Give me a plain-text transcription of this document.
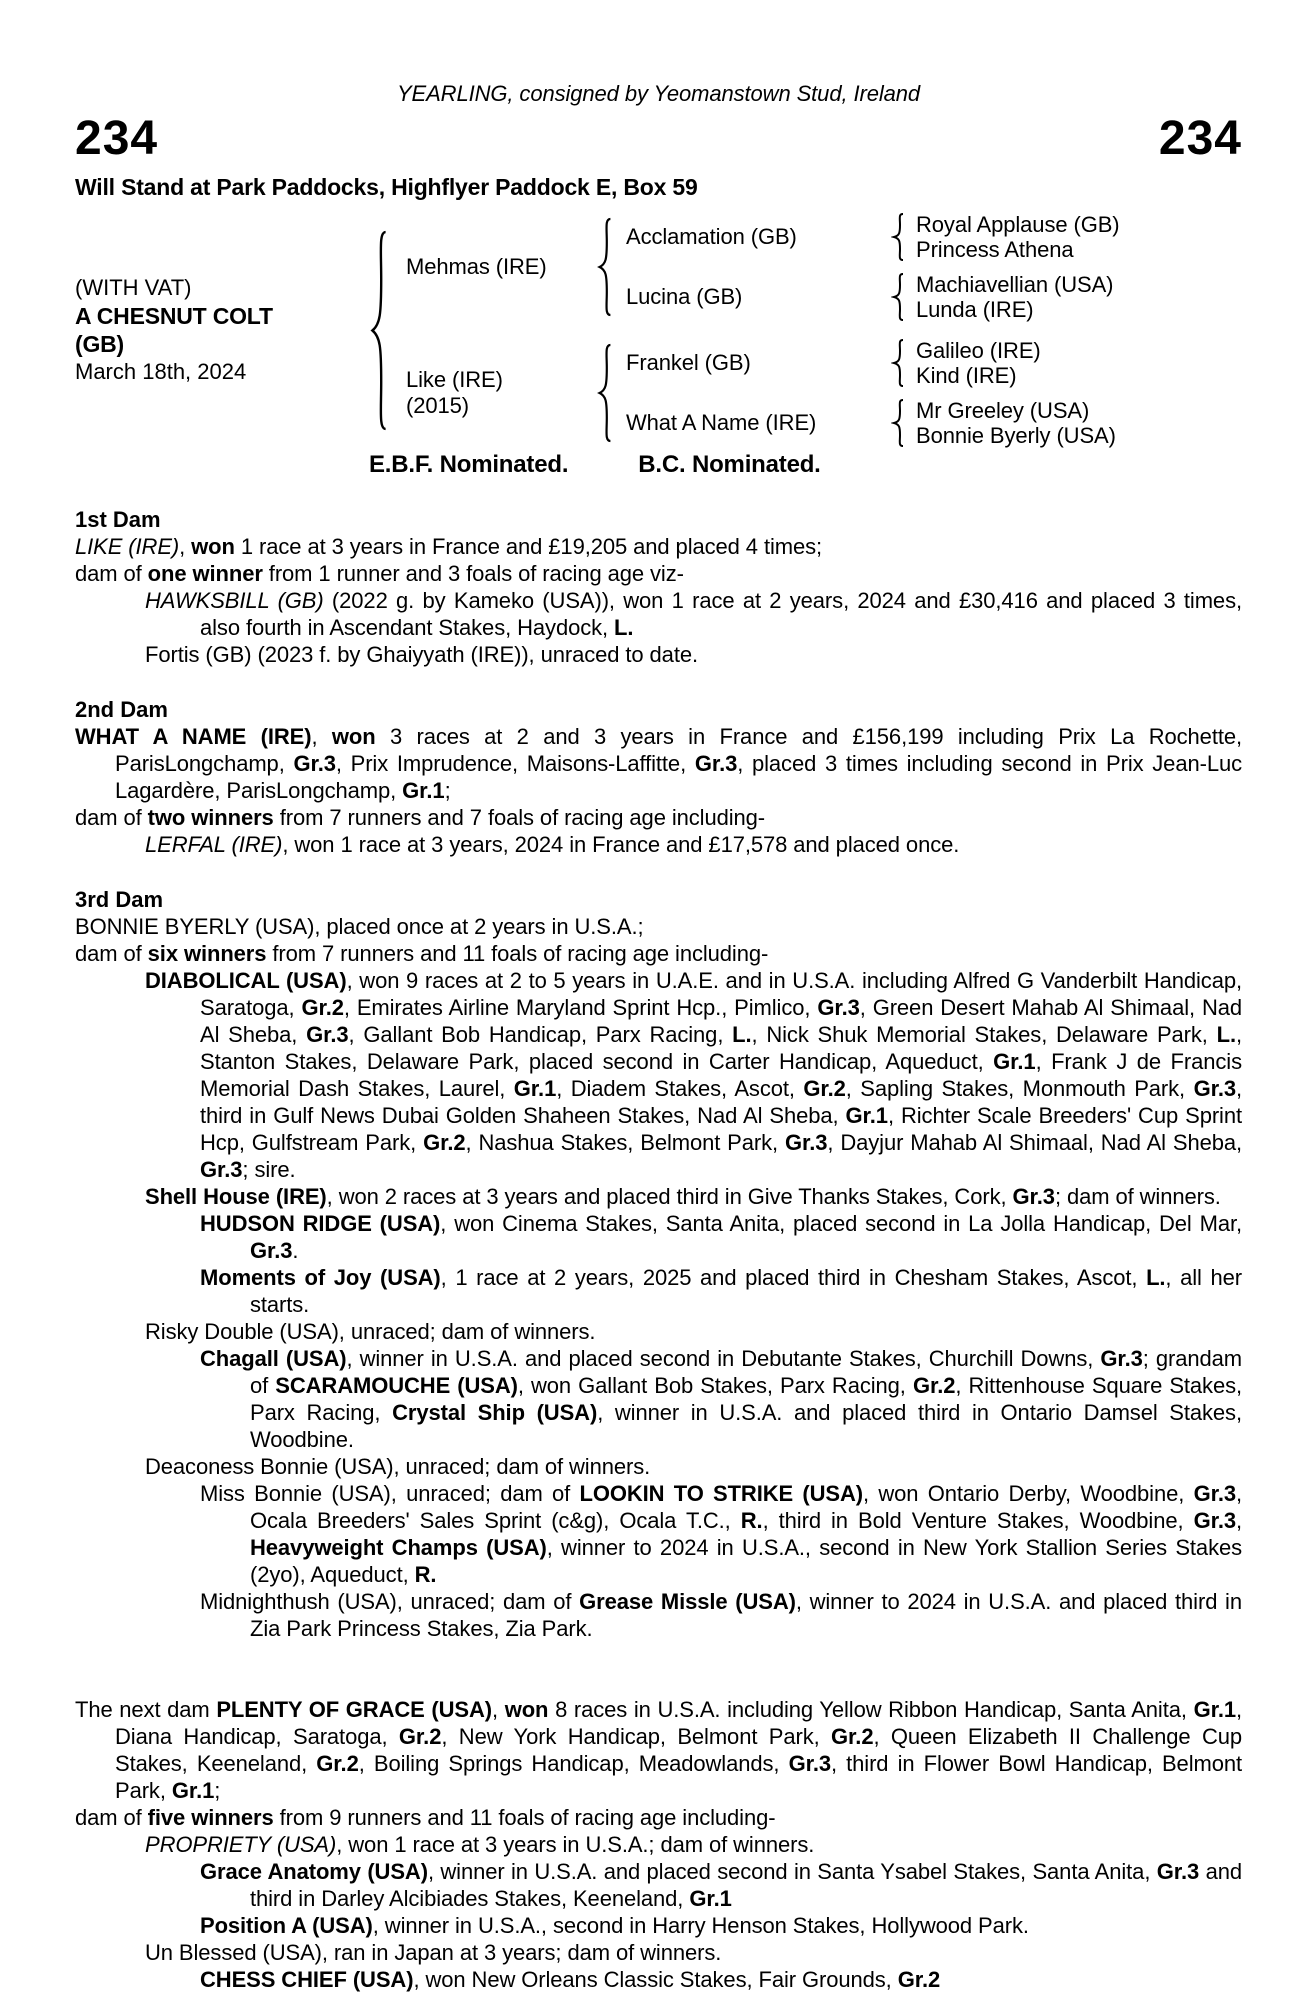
YEARLING, consigned by Yeomanstown Stud, Ireland
234	234
Will Stand at Park Paddocks, Highflyer Paddock E, Box 59
(WITH VAT)
A CHESNUT COLT
(GB)
March 18th, 2024
Mehmas (IRE)
Acclamation (GB)	Royal Applause (GB)
Princess Athena
Lucina (GB)	Machiavellian (USA)
Lunda (IRE)
Like (IRE)
(2015)
Frankel (GB)	Galileo (IRE)
Kind (IRE)
What A Name (IRE)	Mr Greeley (USA)
Bonnie Byerly (USA)
E.B.F. Nominated.	B.C. Nominated.
1st Dam

LIKE (IRE), won 1 race at 3 years in France and £19,205 and placed 4 times;

dam of one winner from 1 runner and 3 foals of racing age viz-

HAWKSBILL (GB) (2022 g. by Kameko (USA)), won 1 race at 2 years, 2024 and £30,416 and placed 3 times, also fourth in Ascendant Stakes, Haydock, L.

Fortis (GB) (2023 f. by Ghaiyyath (IRE)), unraced to date.

2nd Dam

WHAT A NAME (IRE), won 3 races at 2 and 3 years in France and £156,199 including Prix La Rochette, ParisLongchamp, Gr.3, Prix Imprudence, Maisons-Laffitte, Gr.3, placed 3 times including second in Prix Jean-Luc Lagardère, ParisLongchamp, Gr.1;

dam of two winners from 7 runners and 7 foals of racing age including-

LERFAL (IRE), won 1 race at 3 years, 2024 in France and £17,578 and placed once.

3rd Dam

BONNIE BYERLY (USA), placed once at 2 years in U.S.A.;

dam of six winners from 7 runners and 11 foals of racing age including-

DIABOLICAL (USA), won 9 races at 2 to 5 years in U.A.E. and in U.S.A. including Alfred G Vanderbilt Handicap, Saratoga, Gr.2, Emirates Airline Maryland Sprint Hcp., Pimlico, Gr.3, Green Desert Mahab Al Shimaal, Nad Al Sheba, Gr.3, Gallant Bob Handicap, Parx Racing, L., Nick Shuk Memorial Stakes, Delaware Park, L., Stanton Stakes, Delaware Park, placed second in Carter Handicap, Aqueduct, Gr.1, Frank J de Francis Memorial Dash Stakes, Laurel, Gr.1, Diadem Stakes, Ascot, Gr.2, Sapling Stakes, Monmouth Park, Gr.3, third in Gulf News Dubai Golden Shaheen Stakes, Nad Al Sheba, Gr.1, Richter Scale Breeders' Cup Sprint Hcp, Gulfstream Park, Gr.2, Nashua Stakes, Belmont Park, Gr.3, Dayjur Mahab Al Shimaal, Nad Al Sheba, Gr.3; sire.

Shell House (IRE), won 2 races at 3 years and placed third in Give Thanks Stakes, Cork, Gr.3; dam of winners.

HUDSON RIDGE (USA), won Cinema Stakes, Santa Anita, placed second in La Jolla Handicap, Del Mar, Gr.3.

Moments of Joy (USA), 1 race at 2 years, 2025 and placed third in Chesham Stakes, Ascot, L., all her starts.

Risky Double (USA), unraced; dam of winners.

Chagall (USA), winner in U.S.A. and placed second in Debutante Stakes, Churchill Downs, Gr.3; grandam of SCARAMOUCHE (USA), won Gallant Bob Stakes, Parx Racing, Gr.2, Rittenhouse Square Stakes, Parx Racing, Crystal Ship (USA), winner in U.S.A. and placed third in Ontario Damsel Stakes, Woodbine.

Deaconess Bonnie (USA), unraced; dam of winners.

Miss Bonnie (USA), unraced; dam of LOOKIN TO STRIKE (USA), won Ontario Derby, Woodbine, Gr.3, Ocala Breeders' Sales Sprint (c&g), Ocala T.C., R., third in Bold Venture Stakes, Woodbine, Gr.3, Heavyweight Champs (USA), winner to 2024 in U.S.A., second in New York Stallion Series Stakes (2yo), Aqueduct, R.

Midnighthush (USA), unraced; dam of Grease Missle (USA), winner to 2024 in U.S.A. and placed third in Zia Park Princess Stakes, Zia Park.

The next dam PLENTY OF GRACE (USA), won 8 races in U.S.A. including Yellow Ribbon Handicap, Santa Anita, Gr.1, Diana Handicap, Saratoga, Gr.2, New York Handicap, Belmont Park, Gr.2, Queen Elizabeth II Challenge Cup Stakes, Keeneland, Gr.2, Boiling Springs Handicap, Meadowlands, Gr.3, third in Flower Bowl Handicap, Belmont Park, Gr.1;

dam of five winners from 9 runners and 11 foals of racing age including-

PROPRIETY (USA), won 1 race at 3 years in U.S.A.; dam of winners.

Grace Anatomy (USA), winner in U.S.A. and placed second in Santa Ysabel Stakes, Santa Anita, Gr.3 and third in Darley Alcibiades Stakes, Keeneland, Gr.1

Position A (USA), winner in U.S.A., second in Harry Henson Stakes, Hollywood Park.

Un Blessed (USA), ran in Japan at 3 years; dam of winners.

CHESS CHIEF (USA), won New Orleans Classic Stakes, Fair Grounds, Gr.2
